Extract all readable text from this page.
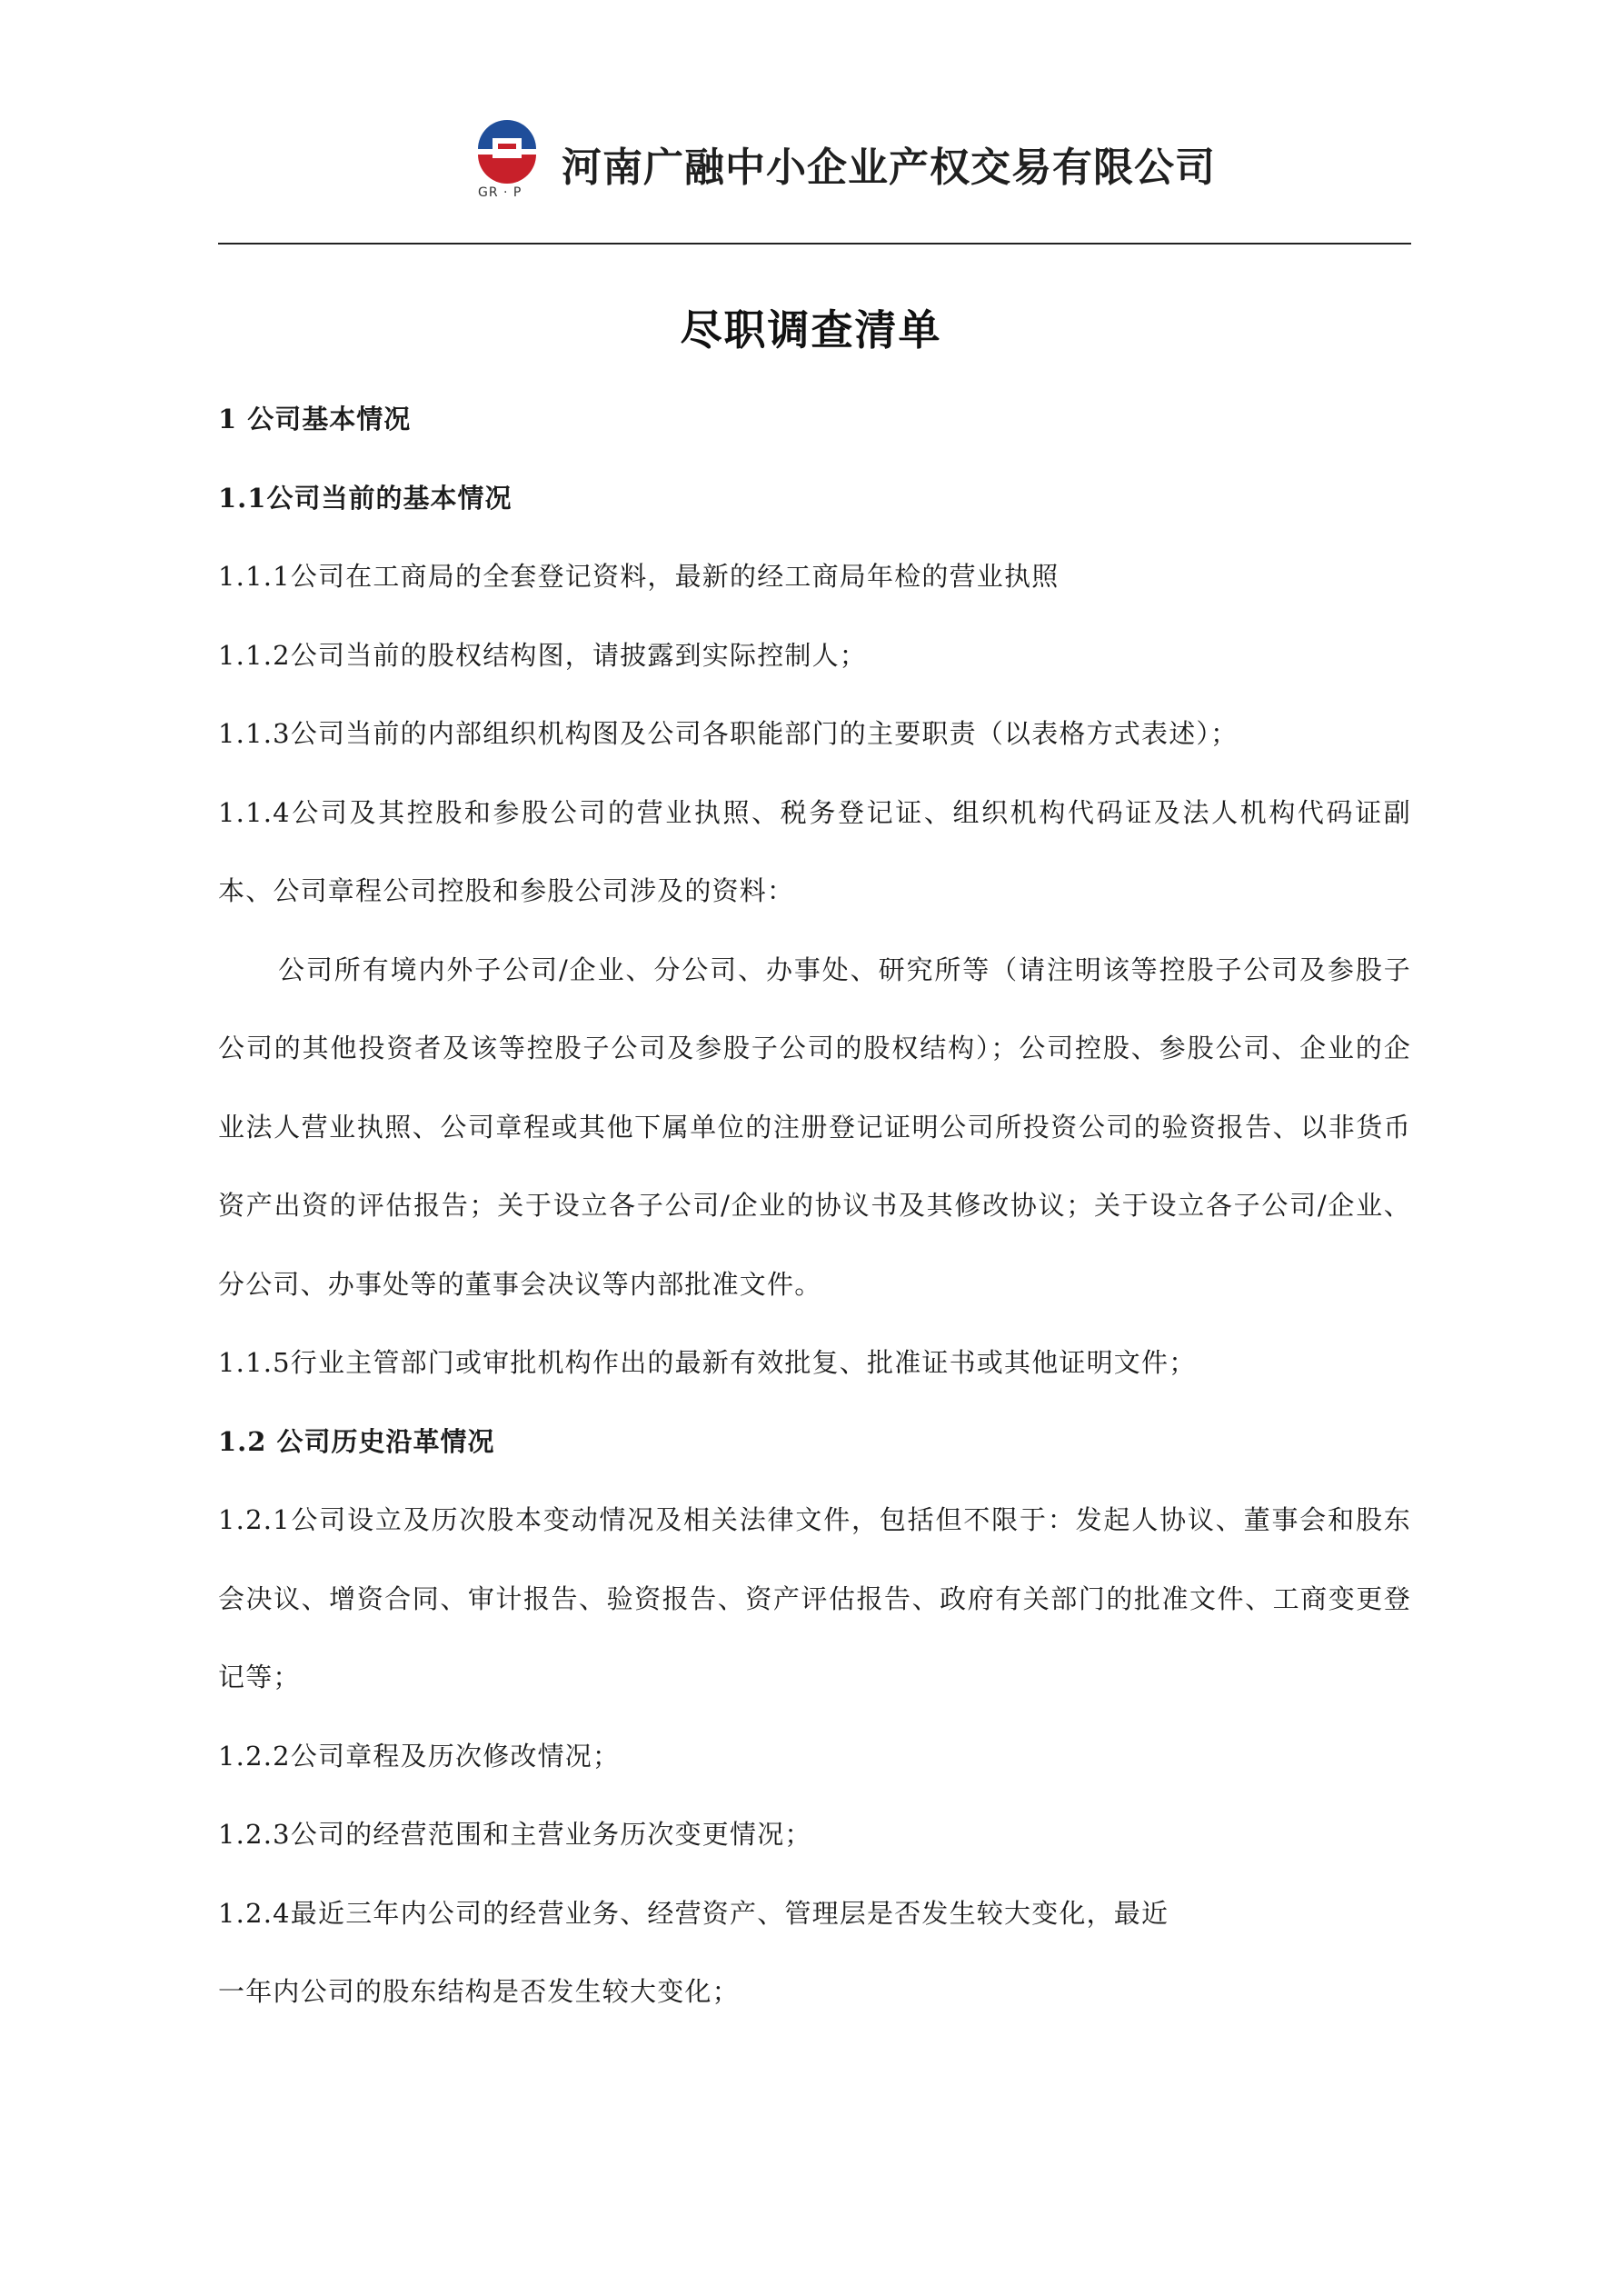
GR · P
河南广融中小企业产权交易有限公司
尽职调查清单

1 公司基本情况

1.1公司当前的基本情况

1.1.1公司在工商局的全套登记资料，最新的经工商局年检的营业执照

1.1.2公司当前的股权结构图，请披露到实际控制人；

1.1.3公司当前的内部组织机构图及公司各职能部门的主要职责（以表格方式表述）；

1.1.4公司及其控股和参股公司的营业执照、税务登记证、组织机构代码证及法人机构代码证副本、公司章程公司控股和参股公司涉及的资料：

公司所有境内外子公司/企业、分公司、办事处、研究所等（请注明该等控股子公司及参股子公司的其他投资者及该等控股子公司及参股子公司的股权结构）；公司控股、参股公司、企业的企业法人营业执照、公司章程或其他下属单位的注册登记证明公司所投资公司的验资报告、以非货币资产出资的评估报告；关于设立各子公司/企业的协议书及其修改协议；关于设立各子公司/企业、分公司、办事处等的董事会决议等内部批准文件。

1.1.5行业主管部门或审批机构作出的最新有效批复、批准证书或其他证明文件；

1.2 公司历史沿革情况

1.2.1公司设立及历次股本变动情况及相关法律文件，包括但不限于：发起人协议、董事会和股东会决议、增资合同、审计报告、验资报告、资产评估报告、政府有关部门的批准文件、工商变更登记等；

1.2.2公司章程及历次修改情况；

1.2.3公司的经营范围和主营业务历次变更情况；

1.2.4最近三年内公司的经营业务、经营资产、管理层是否发生较大变化，最近

一年内公司的股东结构是否发生较大变化；
